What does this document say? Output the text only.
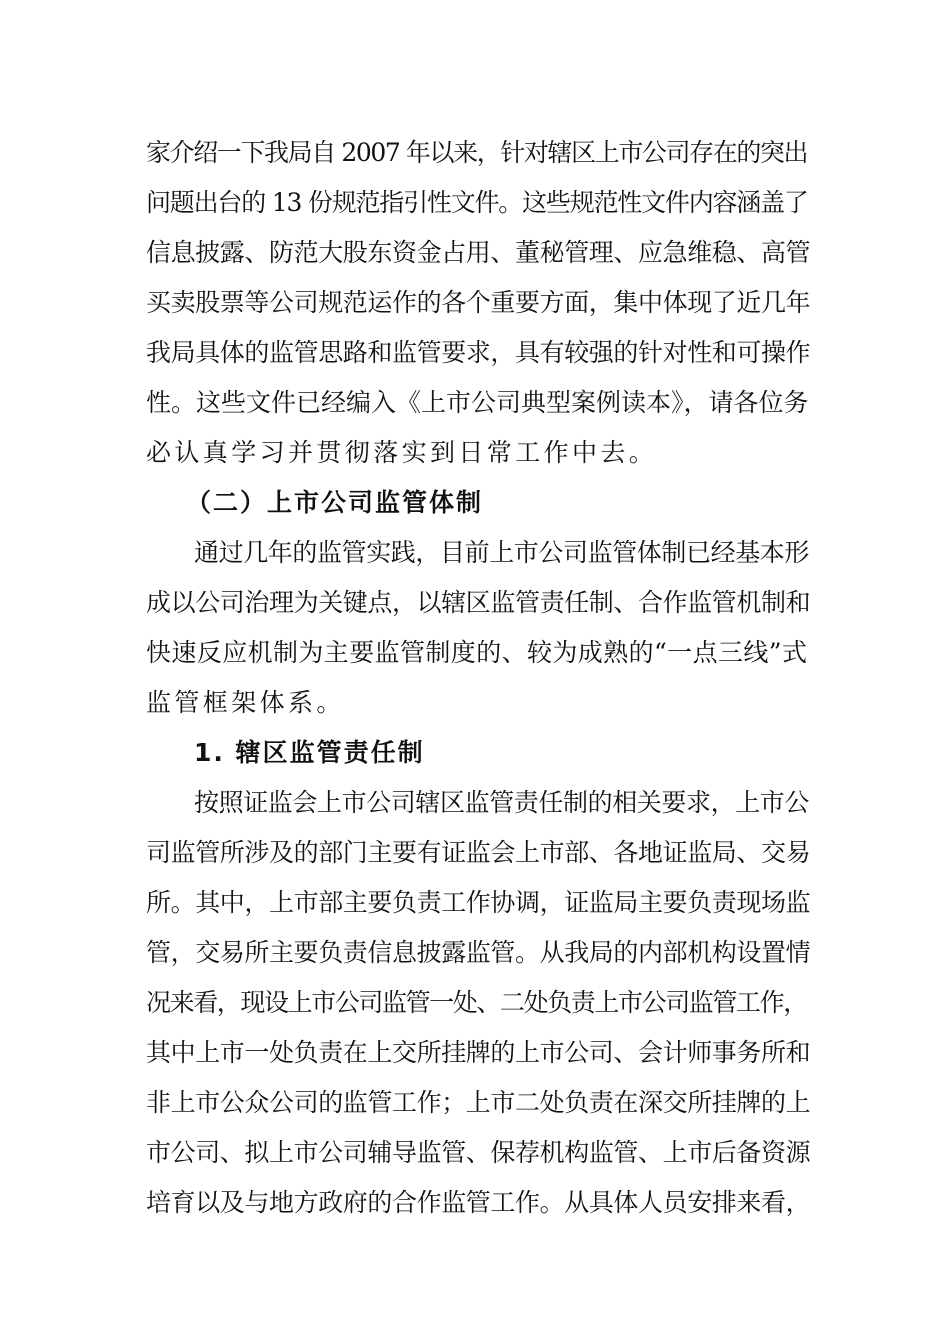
家介绍一下我局自 2007 年以来，针对辖区上市公司存在的突出
问题出台的 13 份规范指引性文件。这些规范性文件内容涵盖了
信息披露、防范大股东资金占用、董秘管理、应急维稳、高管
买卖股票等公司规范运作的各个重要方面，集中体现了近几年
我局具体的监管思路和监管要求，具有较强的针对性和可操作
性。这些文件已经编入《上市公司典型案例读本》，请各位务
必认真学习并贯彻落实到日常工作中去。
（二）上市公司监管体制
通过几年的监管实践，目前上市公司监管体制已经基本形
成以公司治理为关键点，以辖区监管责任制、合作监管机制和
快速反应机制为主要监管制度的、较为成熟的“一点三线”式
监管框架体系。
1. 辖区监管责任制
按照证监会上市公司辖区监管责任制的相关要求，上市公
司监管所涉及的部门主要有证监会上市部、各地证监局、交易
所。其中，上市部主要负责工作协调，证监局主要负责现场监
管，交易所主要负责信息披露监管。从我局的内部机构设置情
况来看，现设上市公司监管一处、二处负责上市公司监管工作，
其中上市一处负责在上交所挂牌的上市公司、会计师事务所和
非上市公众公司的监管工作；上市二处负责在深交所挂牌的上
市公司、拟上市公司辅导监管、保荐机构监管、上市后备资源
培育以及与地方政府的合作监管工作。从具体人员安排来看，
